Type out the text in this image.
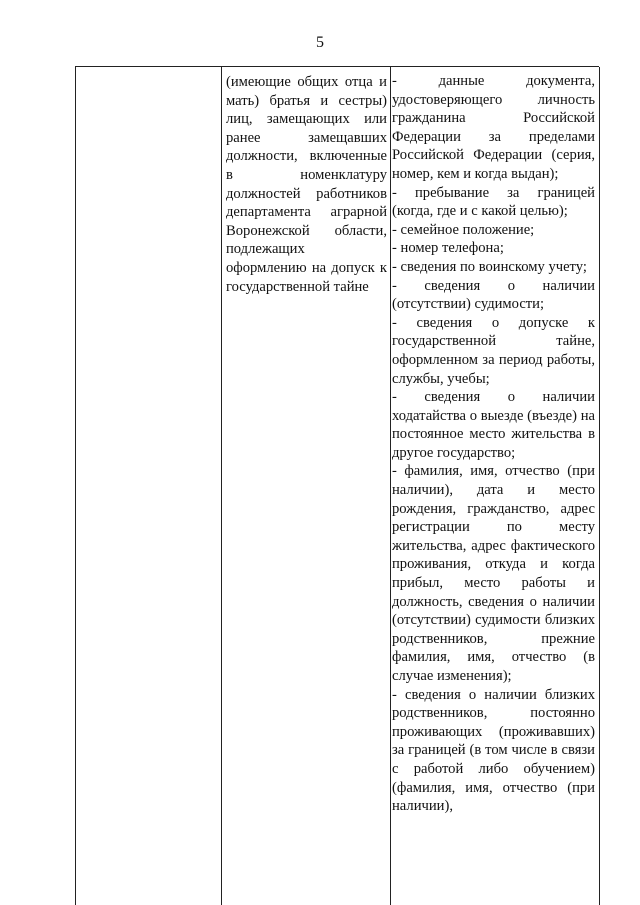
5
(имеющие общих отца и мать) братья и сестры) лиц, замещающих или ранее замещавших должности, включенные в номенклатуру должностей работников департамента аграрной Воронежской области, подлежащих оформлению на допуск к государственной тайне
- данные документа, удостоверяющего личность гражданина Российской Федерации за пределами Российской Федерации (серия, номер, кем и когда выдан);
- пребывание за границей (когда, где и с какой целью);
- семейное положение;
- номер телефона;
- сведения по воинскому учету;
- сведения о наличии (отсутствии) судимости;
- сведения о допуске к государственной тайне, оформленном за период работы, службы, учебы;
- сведения о наличии ходатайства о выезде (въезде) на постоянное место жительства в другое государство;
- фамилия, имя, отчество (при наличии), дата и место рождения, гражданство, адрес регистрации по месту жительства, адрес фактического проживания, откуда и когда прибыл, место работы и должность, сведения о наличии (отсутствии) судимости близких родственников, прежние фамилия, имя, отчество (в случае изменения);
- сведения о наличии близких родственников, постоянно проживающих (проживавших) за границей (в том числе в связи с работой либо обучением) (фамилия, имя, отчество (при наличии),
